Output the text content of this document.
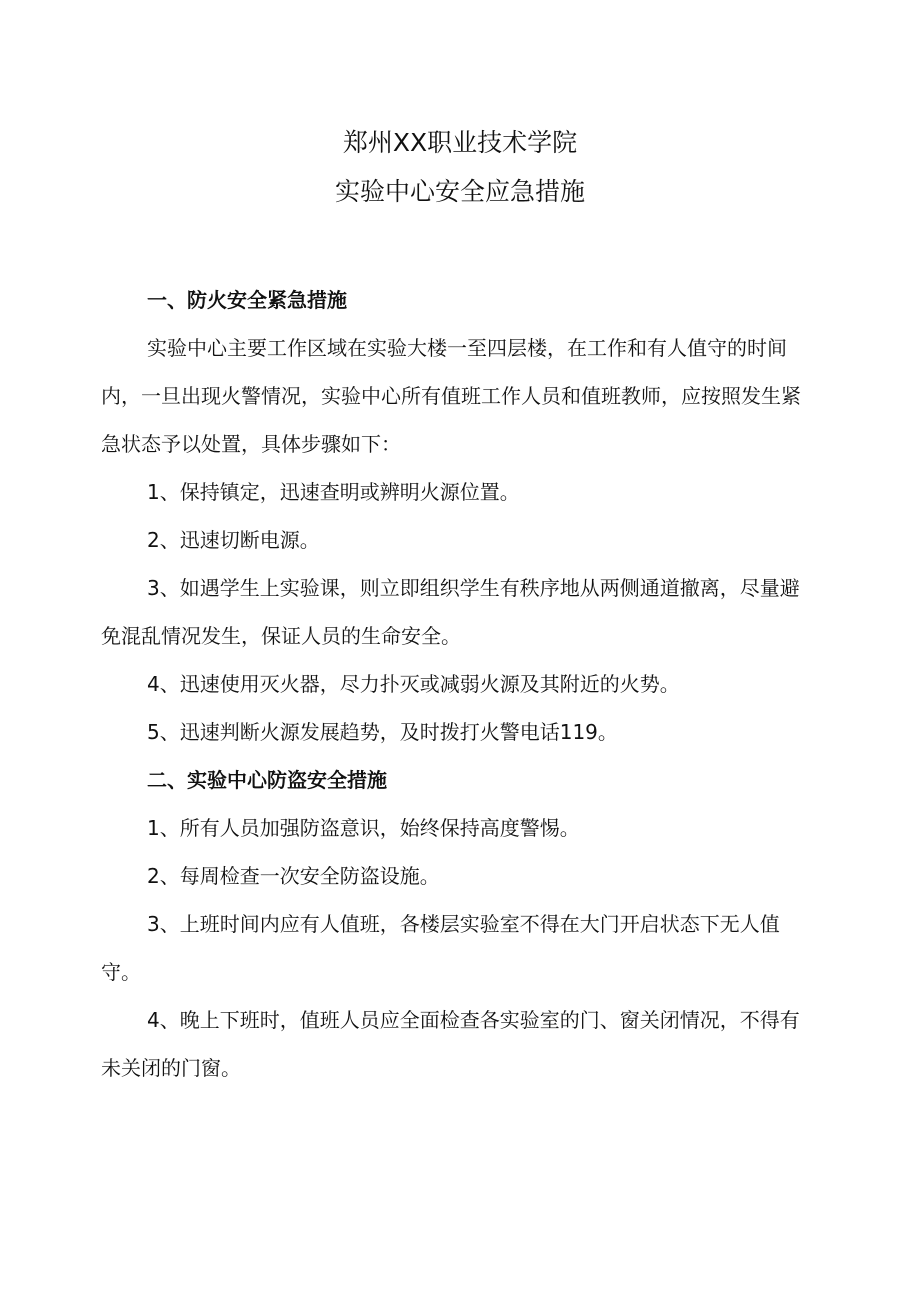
郑州XX职业技术学院
实验中心安全应急措施

一、防火安全紧急措施

实验中心主要工作区域在实验大楼一至四层楼，在工作和有人值守的时间内，一旦出现火警情况，实验中心所有值班工作人员和值班教师，应按照发生紧急状态予以处置，具体步骤如下：

1、保持镇定，迅速查明或辨明火源位置。

2、迅速切断电源。

3、如遇学生上实验课，则立即组织学生有秩序地从两侧通道撤离，尽量避免混乱情况发生，保证人员的生命安全。

4、迅速使用灭火器，尽力扑灭或减弱火源及其附近的火势。

5、迅速判断火源发展趋势，及时拨打火警电话119。

二、实验中心防盗安全措施

1、所有人员加强防盗意识，始终保持高度警惕。

2、每周检查一次安全防盗设施。

3、上班时间内应有人值班，各楼层实验室不得在大门开启状态下无人值守。

4、晚上下班时，值班人员应全面检查各实验室的门、窗关闭情况，不得有未关闭的门窗。
